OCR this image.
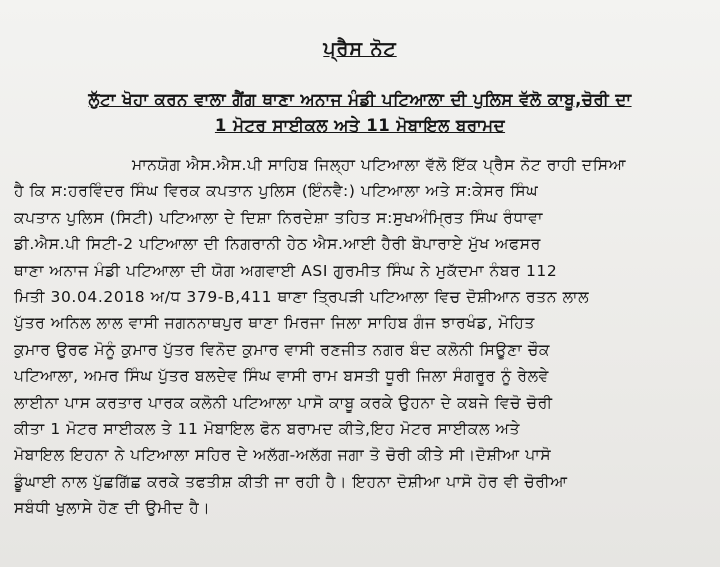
ਪ੍ਰੈਸ ਨੋਟ
ਲੁੱਟਾ ਖੋਹਾ ਕਰਨ ਵਾਲਾ ਗੈਂਗ ਥਾਣਾ ਅਨਾਜ ਮੰਡੀ ਪਟਿਆਲਾ ਦੀ ਪੁਲਿਸ ਵੱਲੋ ਕਾਬੂ,ਚੋਰੀ ਦਾ
1 ਮੋਟਰ ਸਾਈਕਲ ਅਤੇ 11 ਮੋਬਾਇਲ ਬਰਾਮਦ
ਮਾਨਯੋਗ ਐਸ.ਐਸ.ਪੀ ਸਾਹਿਬ ਜਿਲ੍ਹਾ ਪਟਿਆਲਾ ਵੱਲੋ ਇੱਕ ਪ੍ਰੈਸ ਨੋਟ ਰਾਹੀ ਦਸਿਆ
ਹੈ ਕਿ ਸ:ਹਰਵਿੰਦਰ ਸਿੰਘ ਵਿਰਕ ਕਪਤਾਨ ਪੁਲਿਸ (ਇੰਨਵੈ:) ਪਟਿਆਲਾ ਅਤੇ ਸ:ਕੇਸਰ ਸਿੰਘ
ਕਪਤਾਨ ਪੁਲਿਸ (ਸਿਟੀ) ਪਟਿਆਲਾ ਦੇ ਦਿਸ਼ਾ ਨਿਰਦੇਸ਼ਾ ਤਹਿਤ ਸ:ਸੁਖਅੰਮ੍ਰਿਤ ਸਿੰਘ ਰੰਧਾਵਾ
ਡੀ.ਐਸ.ਪੀ ਸਿਟੀ-2 ਪਟਿਆਲਾ ਦੀ ਨਿਗਰਾਨੀ ਹੇਠ ਐਸ.ਆਈ ਹੈਰੀ ਬੋਪਾਰਾਏ ਮੁੱਖ ਅਫਸਰ
ਥਾਣਾ ਅਨਾਜ ਮੰਡੀ ਪਟਿਆਲਾ ਦੀ ਯੋਗ ਅਗਵਾਈ ASI ਗੁਰਮੀਤ ਸਿੰਘ ਨੇ ਮੁਕੱਦਮਾ ਨੰਬਰ 112
ਮਿਤੀ 30.04.2018 ਅ/ਧ 379-B,411 ਥਾਣਾ ਤ੍ਰਿਪੜੀ ਪਟਿਆਲਾ ਵਿਚ ਦੋਸ਼ੀਆਨ ਰਤਨ ਲਾਲ
ਪੁੱਤਰ ਅਨਿਲ ਲਾਲ ਵਾਸੀ ਜਗਨਨਾਥਪੁਰ ਥਾਣਾ ਮਿਰਜਾ ਜਿਲਾ ਸਾਹਿਬ ਗੰਜ ਝਾਰਖੰਡ, ਮੋਹਿਤ
ਕੁਮਾਰ ਉਰਫ ਮੋਨੂੰ ਕੁਮਾਰ ਪੁੱਤਰ ਵਿਨੋਦ ਕੁਮਾਰ ਵਾਸੀ ਰਣਜੀਤ ਨਗਰ ਬੰਦ ਕਲੋਨੀ ਸਿਊਣਾ ਚੌਕ
ਪਟਿਆਲਾ, ਅਮਰ ਸਿੰਘ ਪੁੱਤਰ ਬਲਦੇਵ ਸਿੰਘ ਵਾਸੀ ਰਾਮ ਬਸਤੀ ਧੂਰੀ ਜਿਲਾ ਸੰਗਰੂਰ ਨੂੰ ਰੇਲਵੇ
ਲਾਈਨਾ ਪਾਸ ਕਰਤਾਰ ਪਾਰਕ ਕਲੋਨੀ ਪਟਿਆਲਾ ਪਾਸੋ ਕਾਬੂ ਕਰਕੇ ਉਹਨਾ ਦੇ ਕਬਜੇ ਵਿਚੋ ਚੋਰੀ
ਕੀਤਾ 1 ਮੋਟਰ ਸਾਈਕਲ ਤੇ 11 ਮੋਬਾਇਲ ਫੋਨ ਬਰਾਮਦ ਕੀਤੇ,ਇਹ ਮੋਟਰ ਸਾਈਕਲ ਅਤੇ
ਮੋਬਾਇਲ ਇਹਨਾ ਨੇ ਪਟਿਆਲਾ ਸਹਿਰ ਦੇ ਅਲੱਗ-ਅਲੱਗ ਜਗਾ ਤੋ ਚੋਰੀ ਕੀਤੇ ਸੀ।ਦੋਸ਼ੀਆ ਪਾਸੋ
ਡੂੰਘਾਈ ਨਾਲ ਪੁੱਛਗਿੱਛ ਕਰਕੇ ਤਫਤੀਸ਼ ਕੀਤੀ ਜਾ ਰਹੀ ਹੈ। ਇਹਨਾ ਦੋਸ਼ੀਆ ਪਾਸੋ ਹੋਰ ਵੀ ਚੋਰੀਆ
ਸਬੰਧੀ ਖੁਲਾਸੇ ਹੋਣ ਦੀ ਉਮੀਦ ਹੈ।
